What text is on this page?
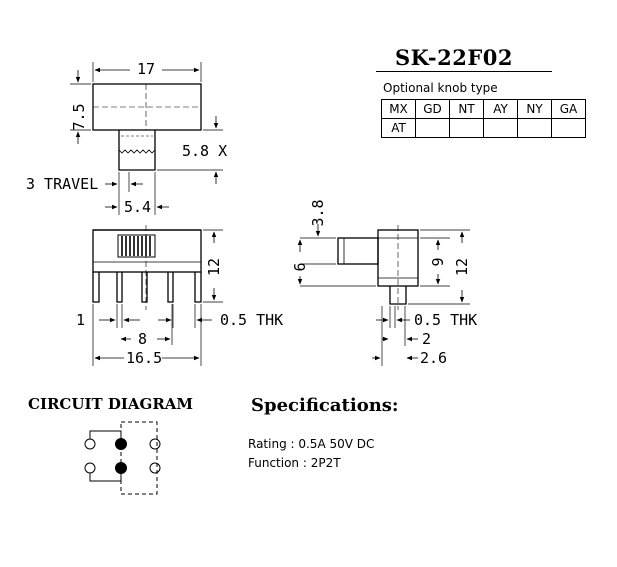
17
7.5
5.8 X
3 TRAVEL
5.4
12
1	0.5 THK
8
16.5
3.8
6
9 12
0.5 THK
2
2.6
SK-22F02
Optional knob type
MX	GD	NT	AY	NY	GA
AT					
CIRCUIT DIAGRAM	Specifications:
Rating : 0.5A 50V DC
Function : 2P2T
